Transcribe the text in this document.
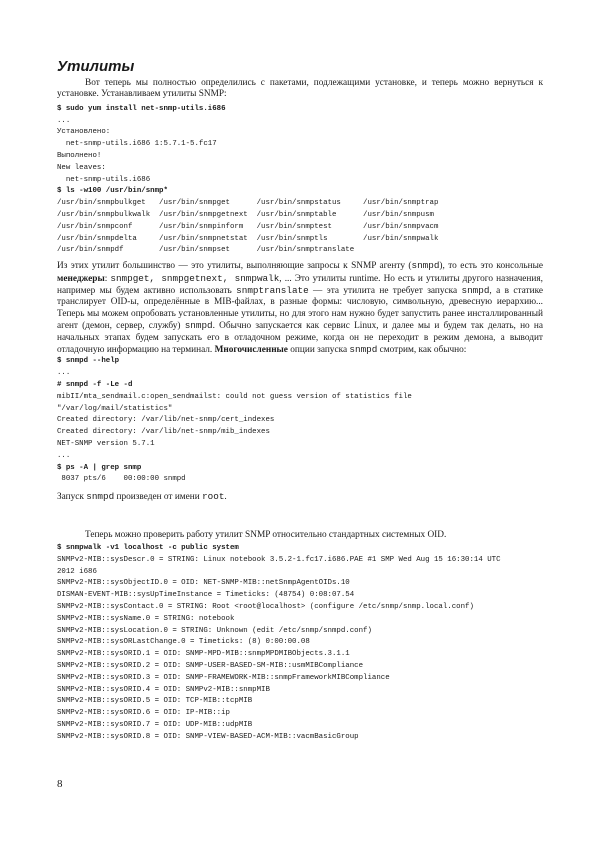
Утилиты

Вот теперь мы полностью определились с пакетами, подлежащими установке, и теперь можно вернуться к установке. Устанавливаем утилиты SNMP:

$ sudo yum install net-snmp-utils.i686
...
Установлено:
net-snmp-utils.i686 1:5.7.1-5.fc17
Выполнено!
New leaves:
net-snmp-utils.i686
$ ls -w100 /usr/bin/snmp*
/usr/bin/snmpbulkget   /usr/bin/snmpget      /usr/bin/snmpstatus     /usr/bin/snmptrap
/usr/bin/snmpbulkwalk  /usr/bin/snmpgetnext  /usr/bin/snmptable      /usr/bin/snmpusm
/usr/bin/snmpconf      /usr/bin/snmpinform   /usr/bin/snmptest       /usr/bin/snmpvacm
/usr/bin/snmpdelta     /usr/bin/snmpnetstat  /usr/bin/snmptls        /usr/bin/snmpwalk
/usr/bin/snmpdf        /usr/bin/snmpset      /usr/bin/snmptranslate

Из этих утилит большинство — это утилиты, выполняющие запросы к SNMP агенту (snmpd), то есть это консольные менеджеры: snmpget, snmpgetnext, snmpwalk, ... Это утилиты runtime. Но есть и утилиты другого назначения, например мы будем активно использовать snmptranslate — эта утилита не требует запуска snmpd, а в статике транслирует OID-ы, определённые в MIB-файлах, в разные формы: числовую, символьную, древесную иерархию... Теперь мы можем опробовать установленные утилиты, но для этого нам нужно будет запустить ранее инсталлированный агент (демон, сервер, службу) snmpd. Обычно запускается как сервис Linux, и далее мы и будем так делать, но на начальных этапах будем запускать его в отладочном режиме, когда он не переходит в режим демона, а выводит отладочную информацию на терминал. Многочисленные опции запуска snmpd смотрим, как обычно:

$ snmpd --help
...
# snmpd -f -Le -d
mibII/mta_sendmail.c:open_sendmailst: could not guess version of statistics file
"/var/log/mail/statistics"
Created directory: /var/lib/net-snmp/cert_indexes
Created directory: /var/lib/net-snmp/mib_indexes
NET-SNMP version 5.7.1
...
$ ps -A | grep snmp
8037 pts/6    00:00:00 snmpd

Запуск snmpd произведен от имени root.

Теперь можно проверить работу утилит SNMP относительно стандартных системных OID.

$ snmpwalk -v1 localhost -c public system
SNMPv2-MIB::sysDescr.0 = STRING: Linux notebook 3.5.2-1.fc17.i686.PAE #1 SMP Wed Aug 15 16:30:14 UTC
2012 i686
SNMPv2-MIB::sysObjectID.0 = OID: NET-SNMP-MIB::netSnmpAgentOIDs.10
DISMAN-EVENT-MIB::sysUpTimeInstance = Timeticks: (48754) 0:08:07.54
SNMPv2-MIB::sysContact.0 = STRING: Root <root@localhost> (configure /etc/snmp/snmp.local.conf)
SNMPv2-MIB::sysName.0 = STRING: notebook
SNMPv2-MIB::sysLocation.0 = STRING: Unknown (edit /etc/snmp/snmpd.conf)
SNMPv2-MIB::sysORLastChange.0 = Timeticks: (8) 0:00:00.08
SNMPv2-MIB::sysORID.1 = OID: SNMP-MPD-MIB::snmpMPDMIBObjects.3.1.1
SNMPv2-MIB::sysORID.2 = OID: SNMP-USER-BASED-SM-MIB::usmMIBCompliance
SNMPv2-MIB::sysORID.3 = OID: SNMP-FRAMEWORK-MIB::snmpFrameworkMIBCompliance
SNMPv2-MIB::sysORID.4 = OID: SNMPv2-MIB::snmpMIB
SNMPv2-MIB::sysORID.5 = OID: TCP-MIB::tcpMIB
SNMPv2-MIB::sysORID.6 = OID: IP-MIB::ip
SNMPv2-MIB::sysORID.7 = OID: UDP-MIB::udpMIB
SNMPv2-MIB::sysORID.8 = OID: SNMP-VIEW-BASED-ACM-MIB::vacmBasicGroup
8
